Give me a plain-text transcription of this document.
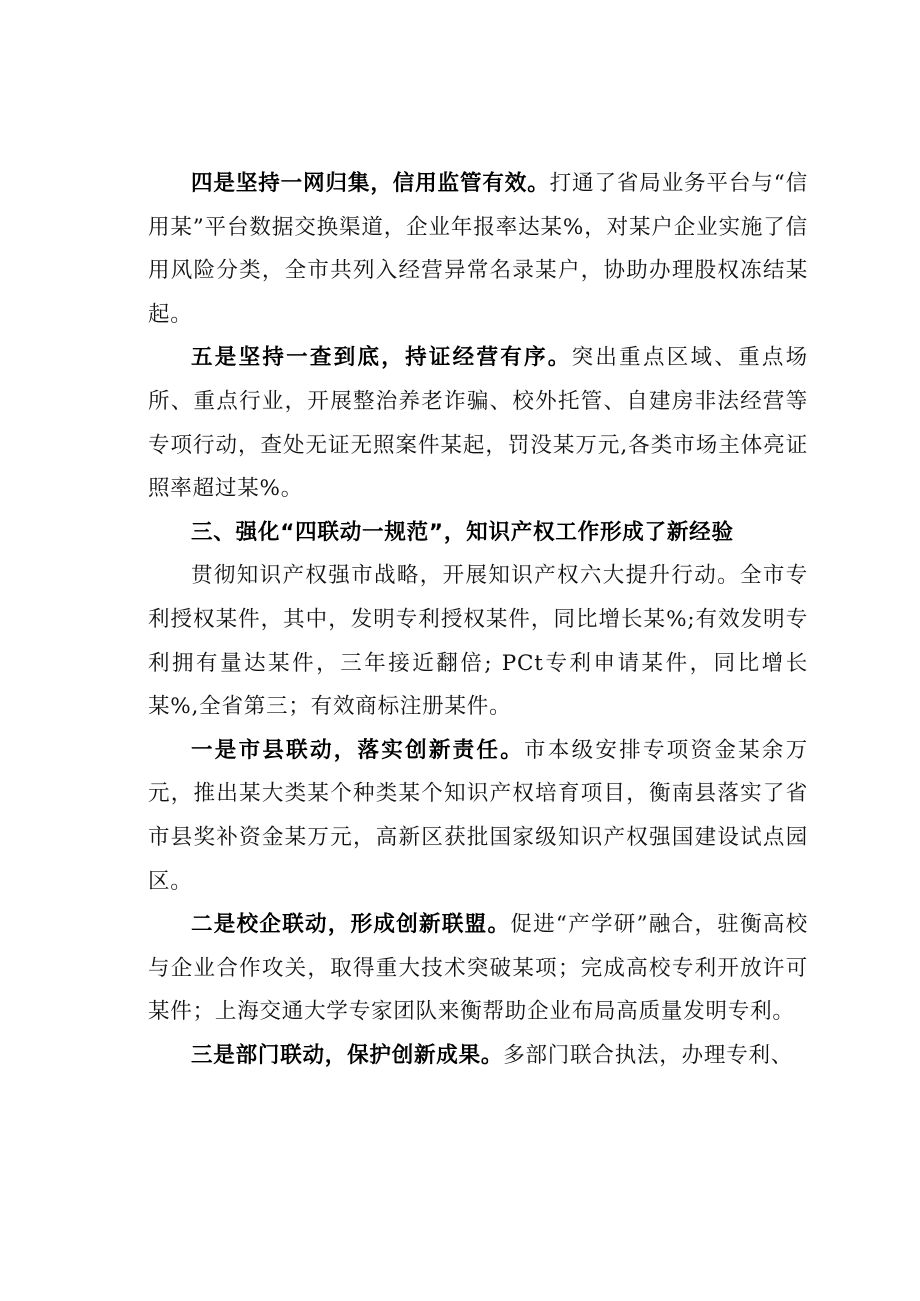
四是坚持一网归集，信用监管有效。打通了省局业务平台与“信用某”平台数据交换渠道，企业年报率达某%，对某户企业实施了信用风险分类，全市共列入经营异常名录某户，协助办理股权冻结某起。

五是坚持一查到底，持证经营有序。突出重点区域、重点场所、重点行业，开展整治养老诈骗、校外托管、自建房非法经营等专项行动，查处无证无照案件某起，罚没某万元,各类市场主体亮证照率超过某%。

三、强化“四联动一规范”，知识产权工作形成了新经验

贯彻知识产权强市战略，开展知识产权六大提升行动。全市专利授权某件，其中，发明专利授权某件，同比增长某%;有效发明专利拥有量达某件，三年接近翻倍; PCt专利申请某件，同比增长某%,全省第三；有效商标注册某件。

一是市县联动，落实创新责任。市本级安排专项资金某余万元，推出某大类某个种类某个知识产权培育项目，衡南县落实了省市县奖补资金某万元，高新区获批国家级知识产权强国建设试点园区。

二是校企联动，形成创新联盟。促进“产学研”融合，驻衡高校与企业合作攻关，取得重大技术突破某项；完成高校专利开放许可某件；上海交通大学专家团队来衡帮助企业布局高质量发明专利。

三是部门联动，保护创新成果。多部门联合执法，办理专利、
